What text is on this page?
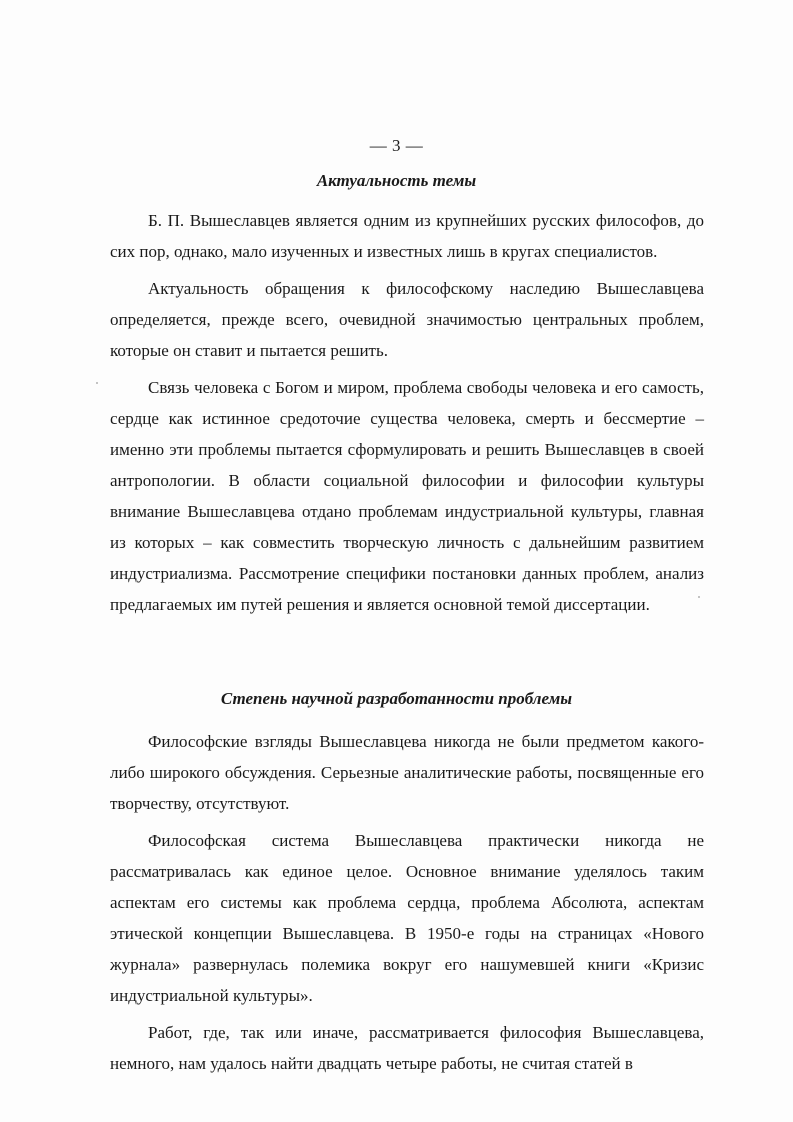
— 3 —
Актуальность темы

Б. П. Вышеславцев является одним из крупнейших русских философов, до сих пор, однако, мало изученных и известных лишь в кругах специалистов.

Актуальность обращения к философскому наследию Вышеславцева определяется, прежде всего, очевидной значимостью центральных проблем, которые он ставит и пытается решить.

Связь человека с Богом и миром, проблема свободы человека и его самость, сердце как истинное средоточие существа человека, смерть и бессмертие – именно эти проблемы пытается сформулировать и решить Вышеславцев в своей антропологии. В области социальной философии и философии культуры внимание Вышеславцева отдано проблемам индустриальной культуры, главная из которых – как совместить творческую личность с дальнейшим развитием индустриализма. Рассмотрение специфики постановки данных проблем, анализ предлагаемых им путей решения и является основной темой диссертации.

Степень научной разработанности проблемы

Философские взгляды Вышеславцева никогда не были предметом какого-либо широкого обсуждения. Серьезные аналитические работы, посвященные его творчеству, отсутствуют.

Философская система Вышеславцева практически никогда не рассматривалась как единое целое. Основное внимание уделялось таким аспектам его системы как проблема сердца, проблема Абсолюта, аспектам этической концепции Вышеславцева. В 1950-е годы на страницах «Нового журнала» развернулась полемика вокруг его нашумевшей книги «Кризис индустриальной культуры».

Работ, где, так или иначе, рассматривается философия Вышеславцева, немного, нам удалось найти двадцать четыре работы, не считая статей в
